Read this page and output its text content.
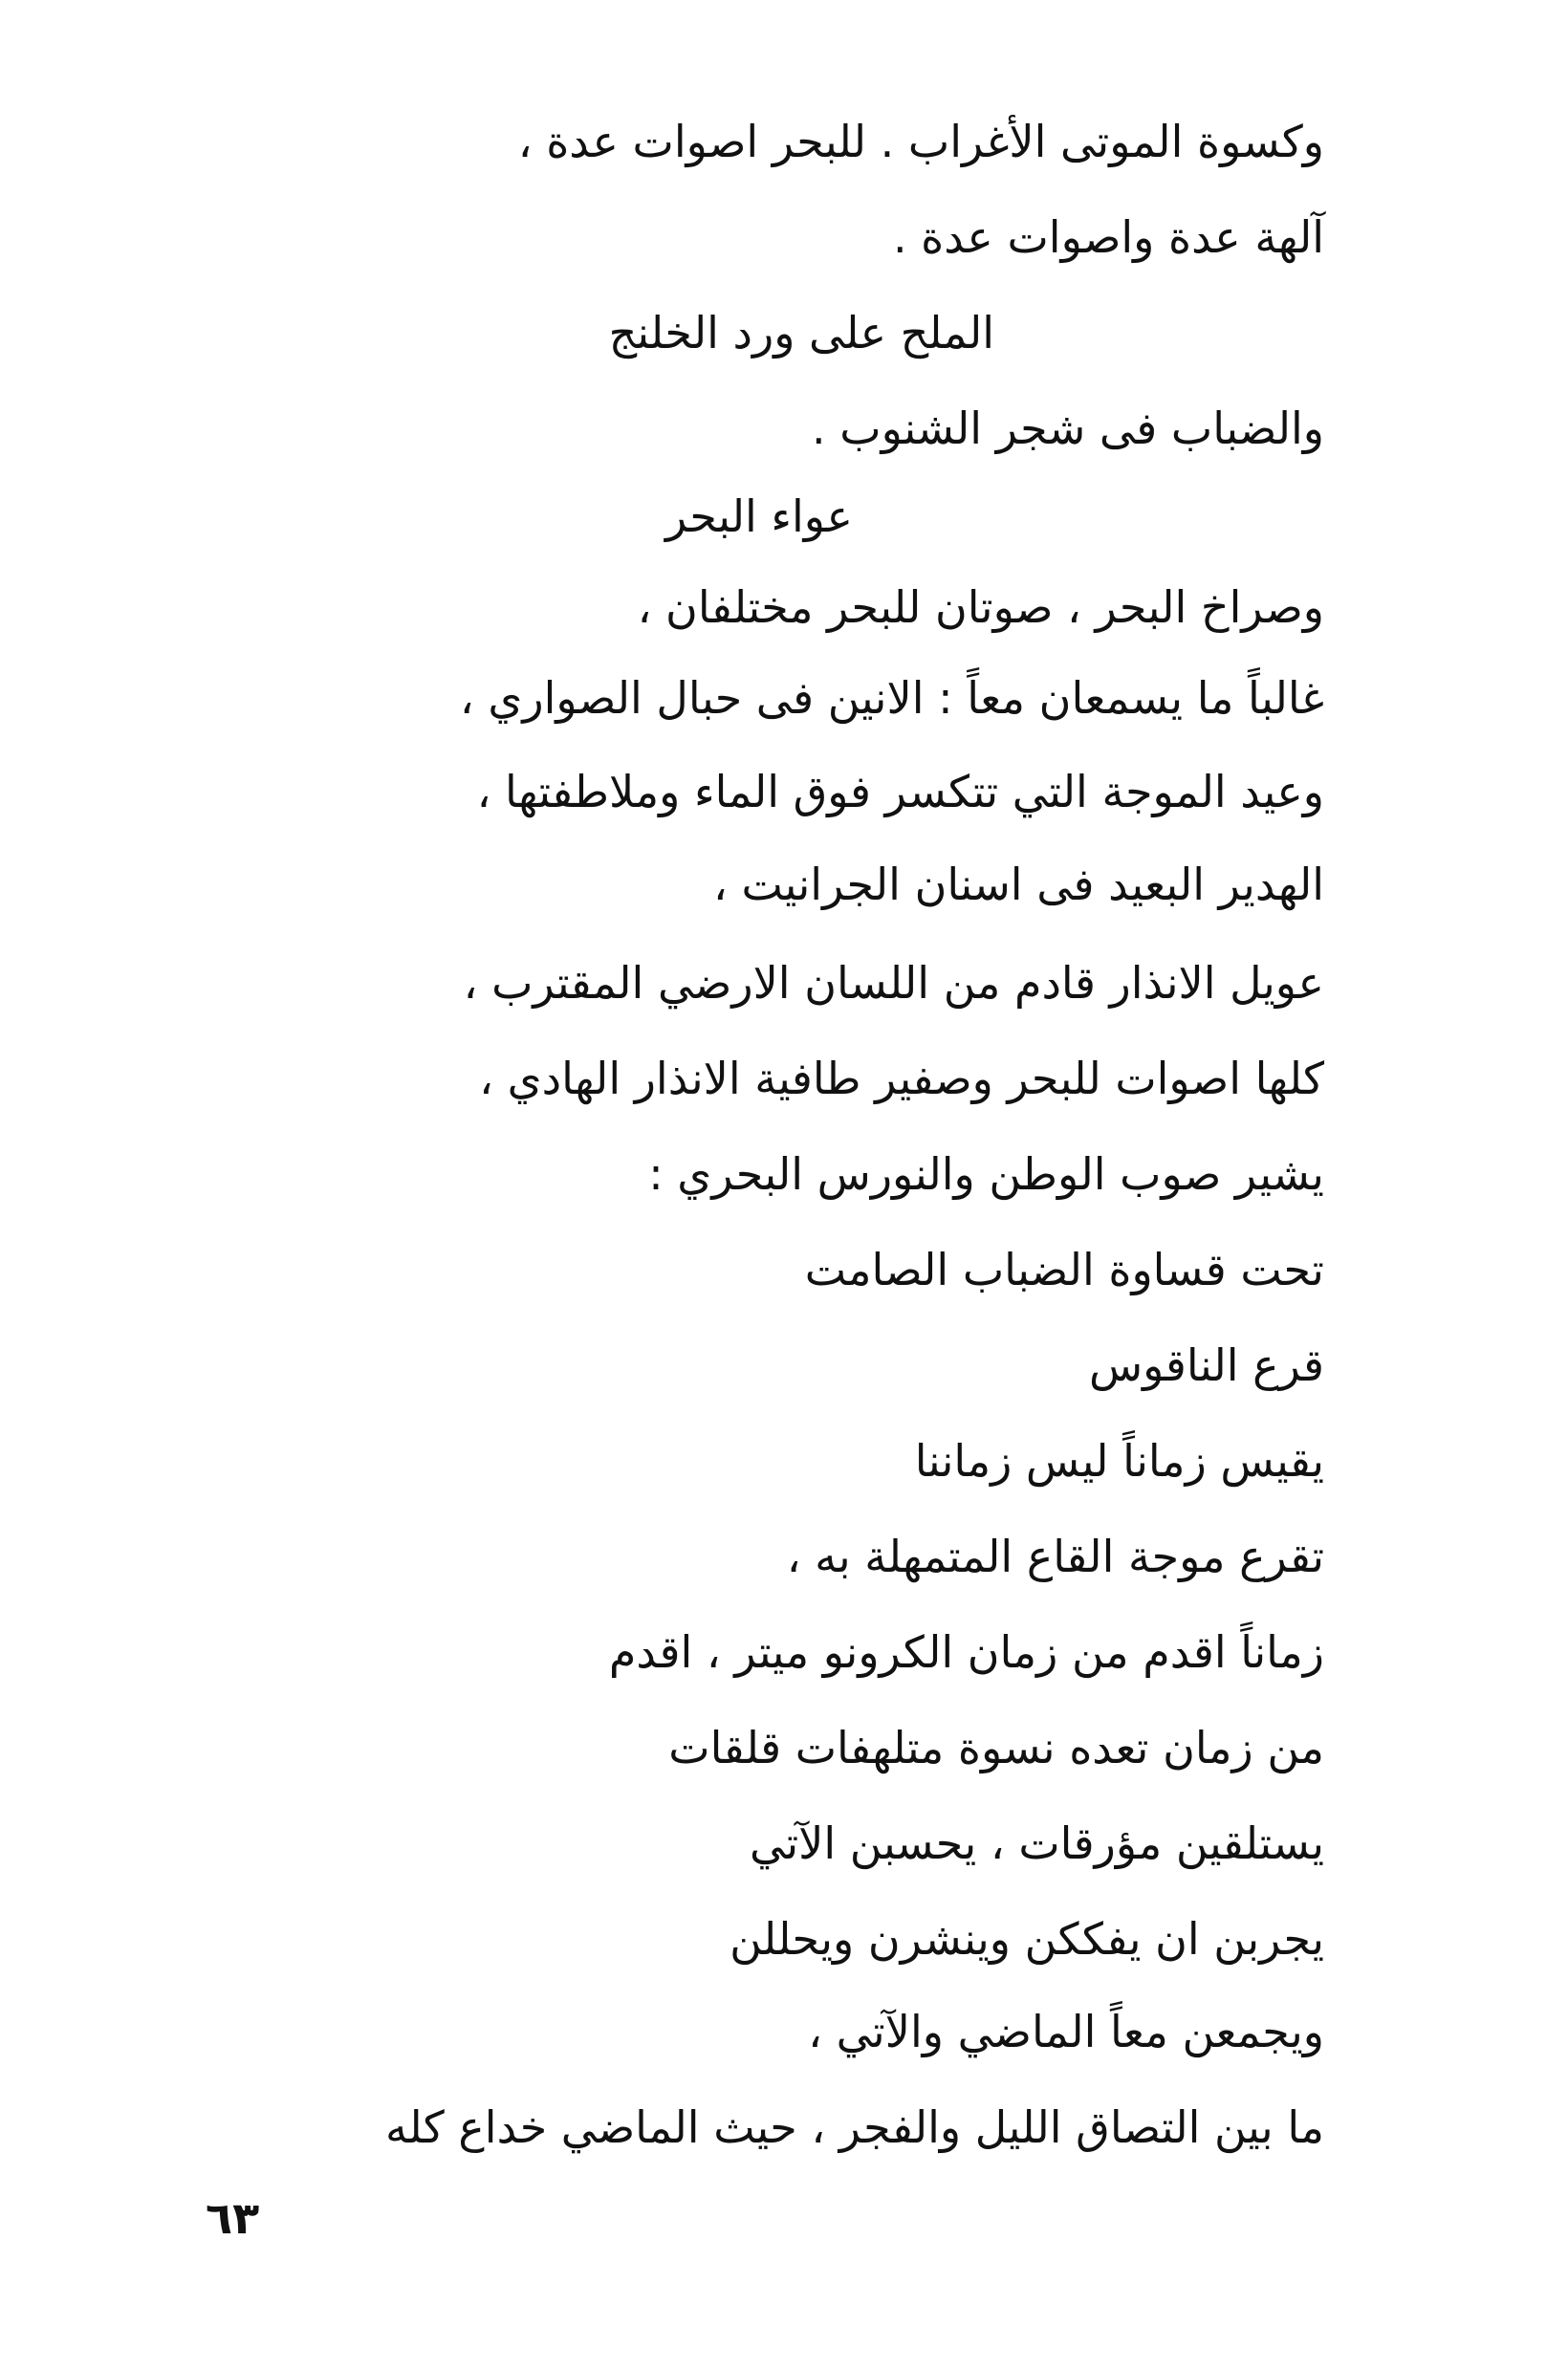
وكسوة الموتى الأغراب . للبحر اصوات عدة ،
آلهة عدة واصوات عدة .
الملح على ورد الخلنج
والضباب فى شجر الشنوب .
عواء البحر
وصراخ البحر ، صوتان للبحر مختلفان ،
غالباً ما يسمعان معاً : الانين فى حبال الصواري ،
وعيد الموجة التي تتكسر فوق الماء وملاطفتها ،
الهدير البعيد فى اسنان الجرانيت ،
عويل الانذار قادم من اللسان الارضي المقترب ،
كلها اصوات للبحر وصفير طافية الانذار الهادي ،
يشير صوب الوطن والنورس البحري :
تحت قساوة الضباب الصامت
قرع الناقوس
يقيس زماناً ليس زماننا
تقرع موجة القاع المتمهلة به ،
زماناً اقدم من زمان الكرونو ميتر ، اقدم
من زمان تعده نسوة متلهفات قلقات
يستلقين مؤرقات ، يحسبن الآتي
يجربن ان يفككن وينشرن ويحللن
ويجمعن معاً الماضي والآتي ،
ما بين التصاق الليل والفجر ، حيث الماضي خداع كله
٦٣
